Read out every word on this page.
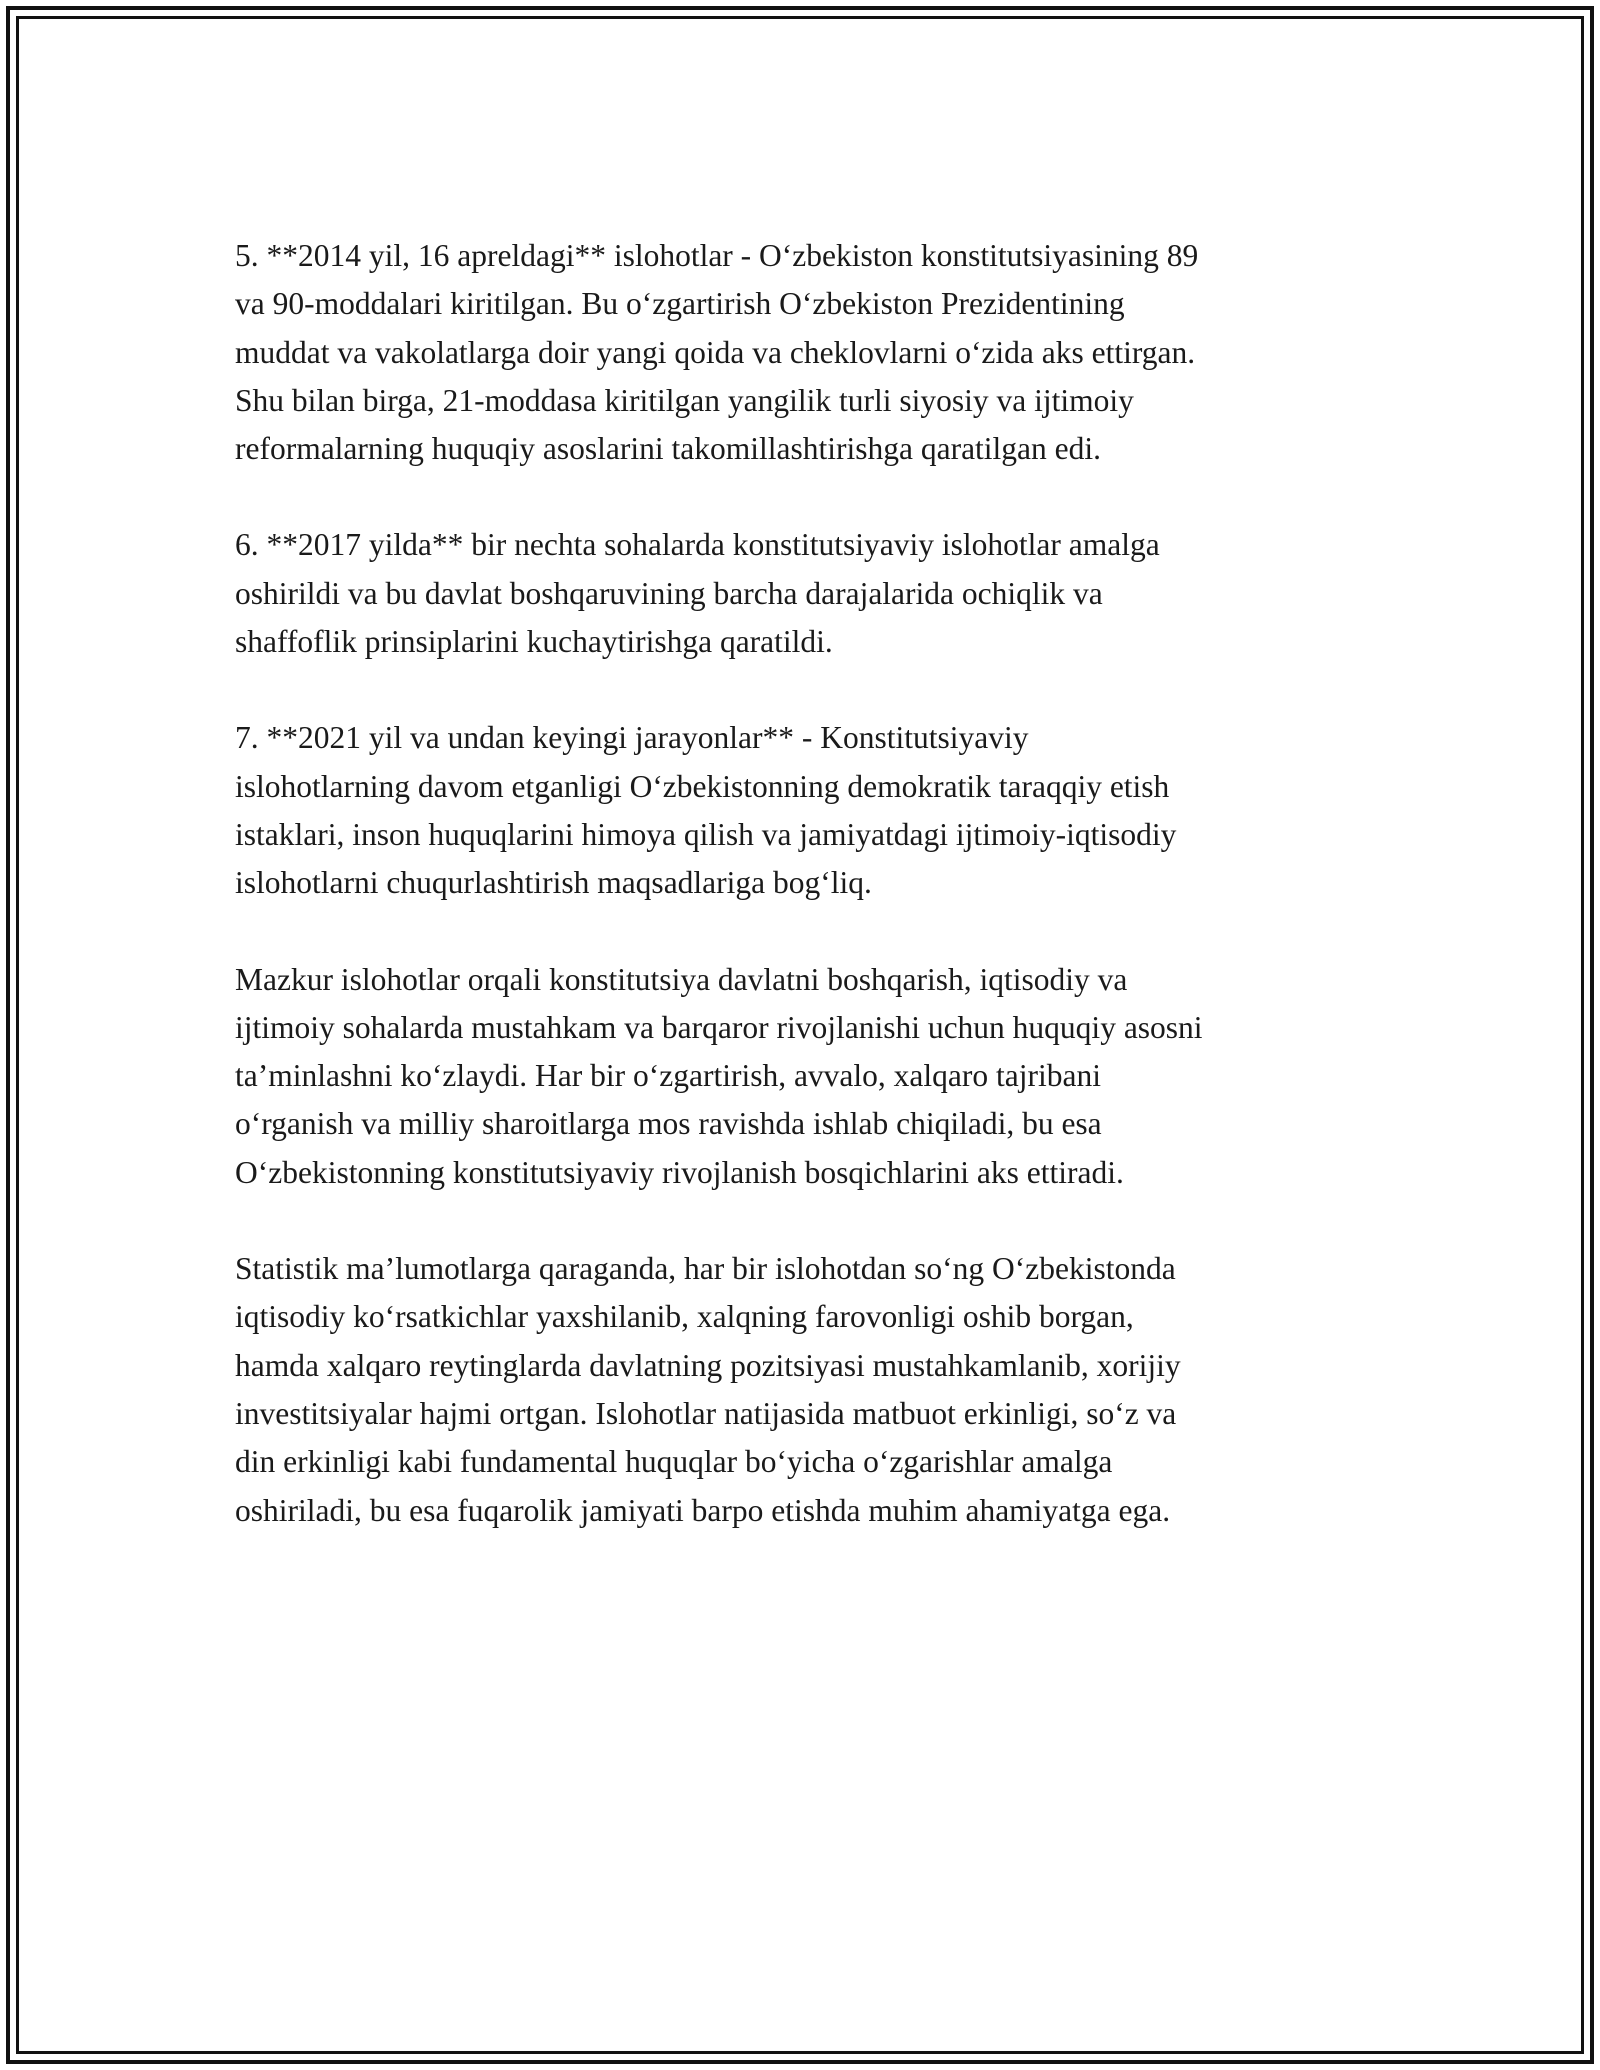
5. **2014 yil, 16 apreldagi** islohotlar - O‘zbekiston konstitutsiyasining 89
va 90-moddalari kiritilgan. Bu o‘zgartirish O‘zbekiston Prezidentining
muddat va vakolatlarga doir yangi qoida va cheklovlarni o‘zida aks ettirgan.
Shu bilan birga, 21-moddasa kiritilgan yangilik turli siyosiy va ijtimoiy
reformalarning huquqiy asoslarini takomillashtirishga qaratilgan edi.

6. **2017 yilda** bir nechta sohalarda konstitutsiyaviy islohotlar amalga
oshirildi va bu davlat boshqaruvining barcha darajalarida ochiqlik va
shaffoflik prinsiplarini kuchaytirishga qaratildi.

7. **2021 yil va undan keyingi jarayonlar** - Konstitutsiyaviy
islohotlarning davom etganligi O‘zbekistonning demokratik taraqqiy etish
istaklari, inson huquqlarini himoya qilish va jamiyatdagi ijtimoiy-iqtisodiy
islohotlarni chuqurlashtirish maqsadlariga bog‘liq.

Mazkur islohotlar orqali konstitutsiya davlatni boshqarish, iqtisodiy va
ijtimoiy sohalarda mustahkam va barqaror rivojlanishi uchun huquqiy asosni
ta’minlashni ko‘zlaydi. Har bir o‘zgartirish, avvalo, xalqaro tajribani
o‘rganish va milliy sharoitlarga mos ravishda ishlab chiqiladi, bu esa
O‘zbekistonning konstitutsiyaviy rivojlanish bosqichlarini aks ettiradi.

Statistik ma’lumotlarga qaraganda, har bir islohotdan so‘ng O‘zbekistonda
iqtisodiy ko‘rsatkichlar yaxshilanib, xalqning farovonligi oshib borgan,
hamda xalqaro reytinglarda davlatning pozitsiyasi mustahkamlanib, xorijiy
investitsiyalar hajmi ortgan. Islohotlar natijasida matbuot erkinligi, so‘z va
din erkinligi kabi fundamental huquqlar bo‘yicha o‘zgarishlar amalga
oshiriladi, bu esa fuqarolik jamiyati barpo etishda muhim ahamiyatga ega.
